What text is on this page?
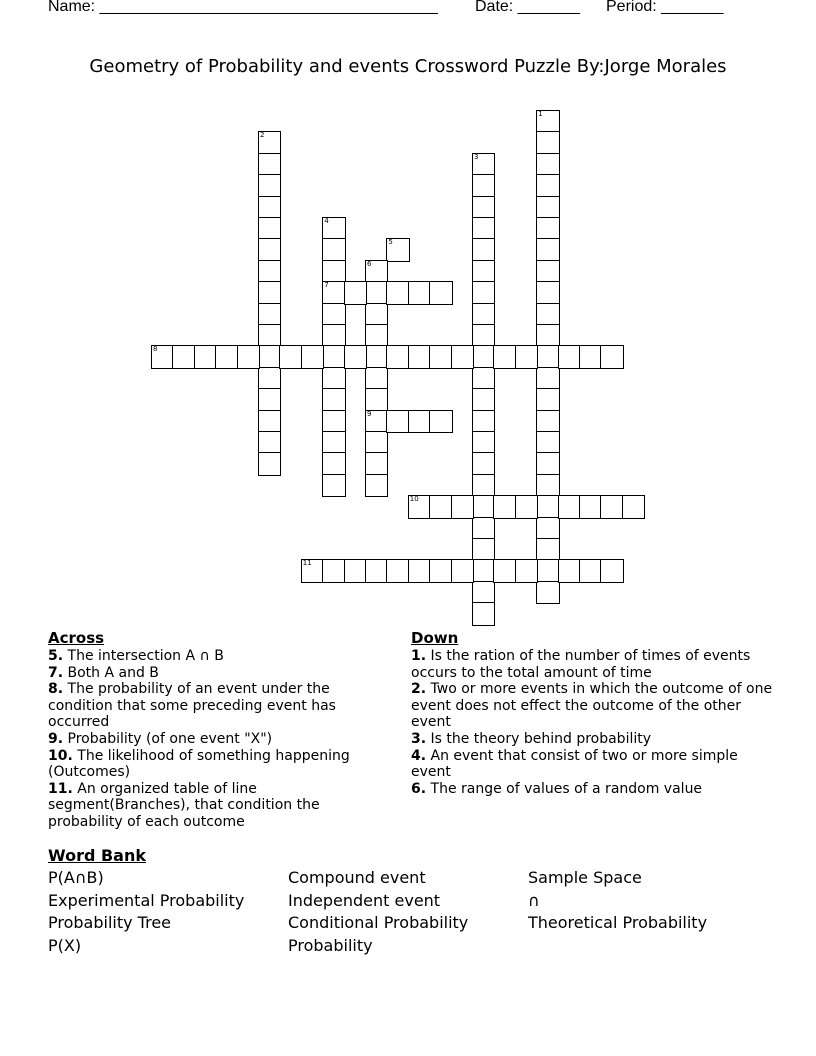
Name: ______________________________________ Date: _______ Period: _______
Geometry of Probability and events Crossword Puzzle By:Jorge Morales
1
2
3
4
7
5
6
9
8
10
11
Across
5. The intersection A ∩ B
7. Both A and B
8. The probability of an event under the condition that some preceding event has occurred
9. Probability (of one event "X")
10. The likelihood of something happening (Outcomes)
11. An organized table of line segment(Branches), that condition the probability of each outcome
Down
1. Is the ration of the number of times of events occurs to the total amount of time
2. Two or more events in which the outcome of one event does not effect the outcome of the other event
3. Is the theory behind probability
4. An event that consist of two or more simple event
6. The range of values of a random value
Word Bank
P(A∩B)
Experimental Probability
Probability Tree
P(X)
Compound event
Independent event
Conditional Probability
Probability
Sample Space
∩
Theoretical Probability
